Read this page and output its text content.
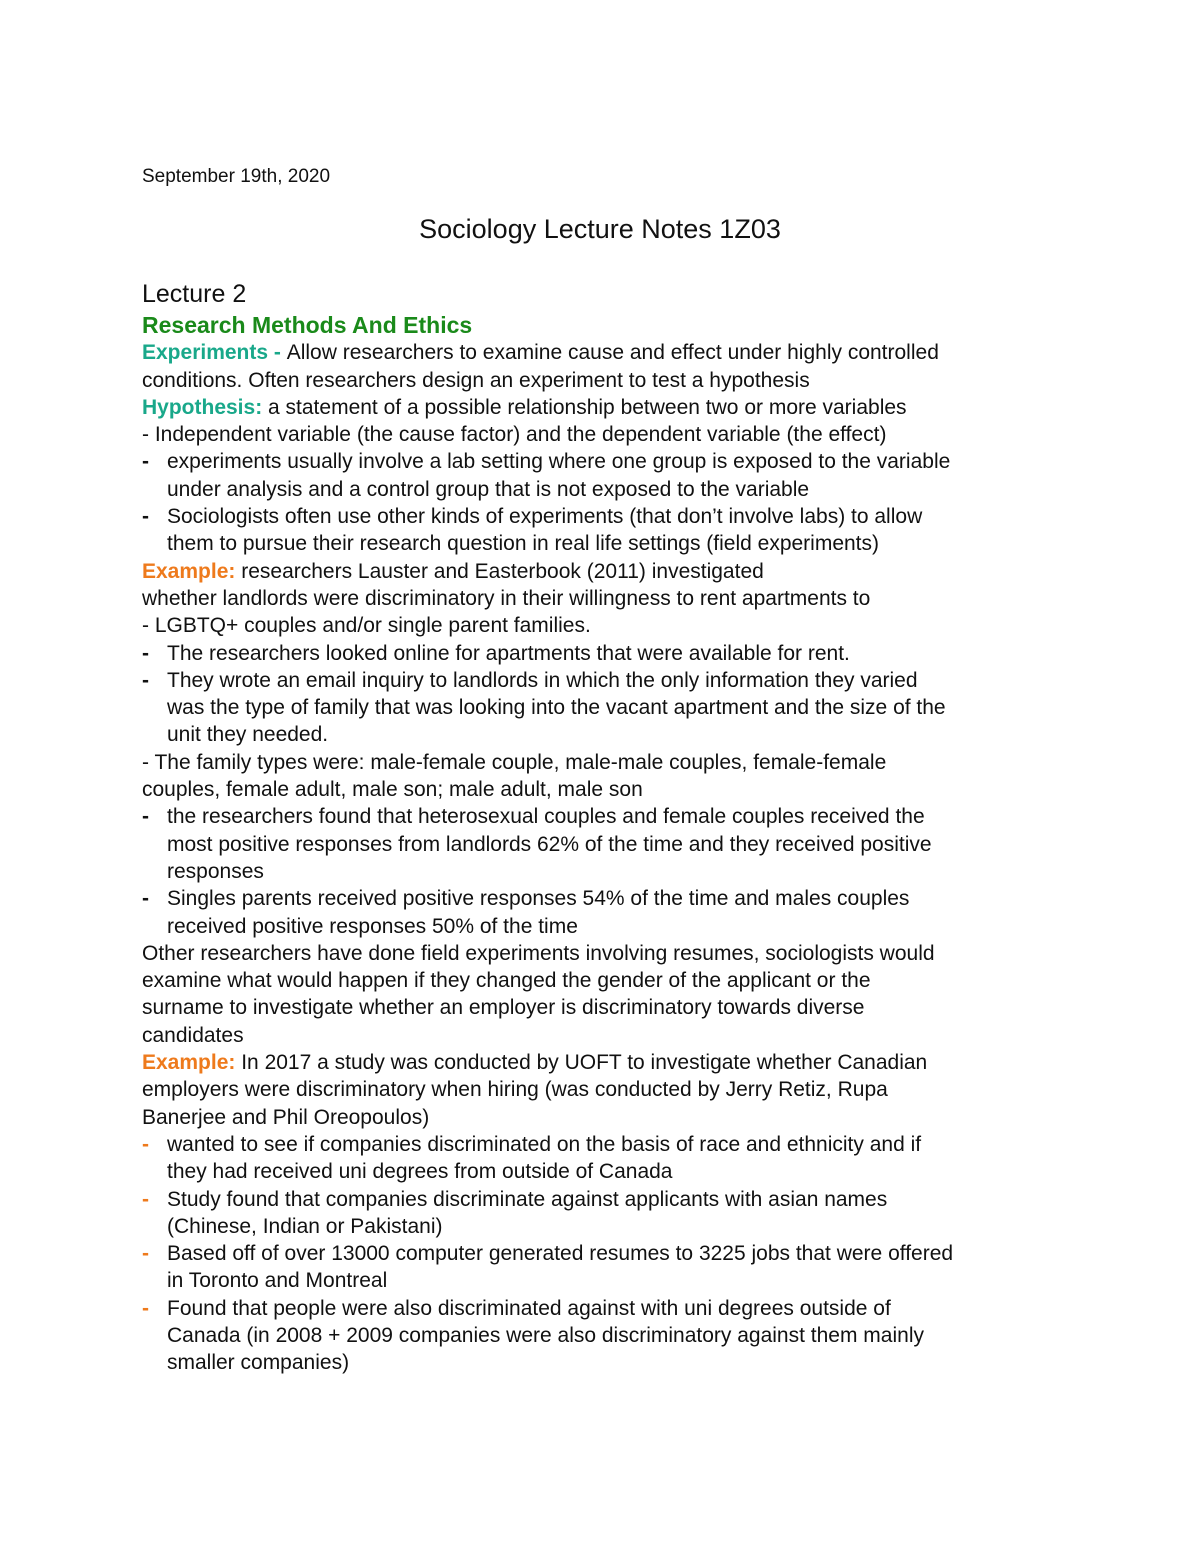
September 19th, 2020
Sociology Lecture Notes 1Z03
Lecture 2
Research Methods And Ethics
Experiments - Allow researchers to examine cause and effect under highly controlled
conditions. Often researchers design an experiment to test a hypothesis
Hypothesis: a statement of a possible relationship between two or more variables
- Independent variable (the cause factor) and the dependent variable (the effect)
- experiments usually involve a lab setting where one group is exposed to the variable
under analysis and a control group that is not exposed to the variable
- Sociologists often use other kinds of experiments (that don’t involve labs) to allow
them to pursue their research question in real life settings (field experiments)
Example: researchers Lauster and Easterbook (2011) investigated
whether landlords were discriminatory in their willingness to rent apartments to
- LGBTQ+ couples and/or single parent families.
- The researchers looked online for apartments that were available for rent.
- They wrote an email inquiry to landlords in which the only information they varied
was the type of family that was looking into the vacant apartment and the size of the
unit they needed.
- The family types were: male-female couple, male-male couples, female-female
couples, female adult, male son; male adult, male son
- the researchers found that heterosexual couples and female couples received the
most positive responses from landlords 62% of the time and they received positive
responses
- Singles parents received positive responses 54% of the time and males couples
received positive responses 50% of the time
Other researchers have done field experiments involving resumes, sociologists would
examine what would happen if they changed the gender of the applicant or the
surname to investigate whether an employer is discriminatory towards diverse
candidates
Example: In 2017 a study was conducted by UOFT to investigate whether Canadian
employers were discriminatory when hiring (was conducted by Jerry Retiz, Rupa
Banerjee and Phil Oreopoulos)
- wanted to see if companies discriminated on the basis of race and ethnicity and if
they had received uni degrees from outside of Canada
- Study found that companies discriminate against applicants with asian names
(Chinese, Indian or Pakistani)
- Based off of over 13000 computer generated resumes to 3225 jobs that were offered
in Toronto and Montreal
- Found that people were also discriminated against with uni degrees outside of
Canada (in 2008 + 2009 companies were also discriminatory against them mainly
smaller companies)
